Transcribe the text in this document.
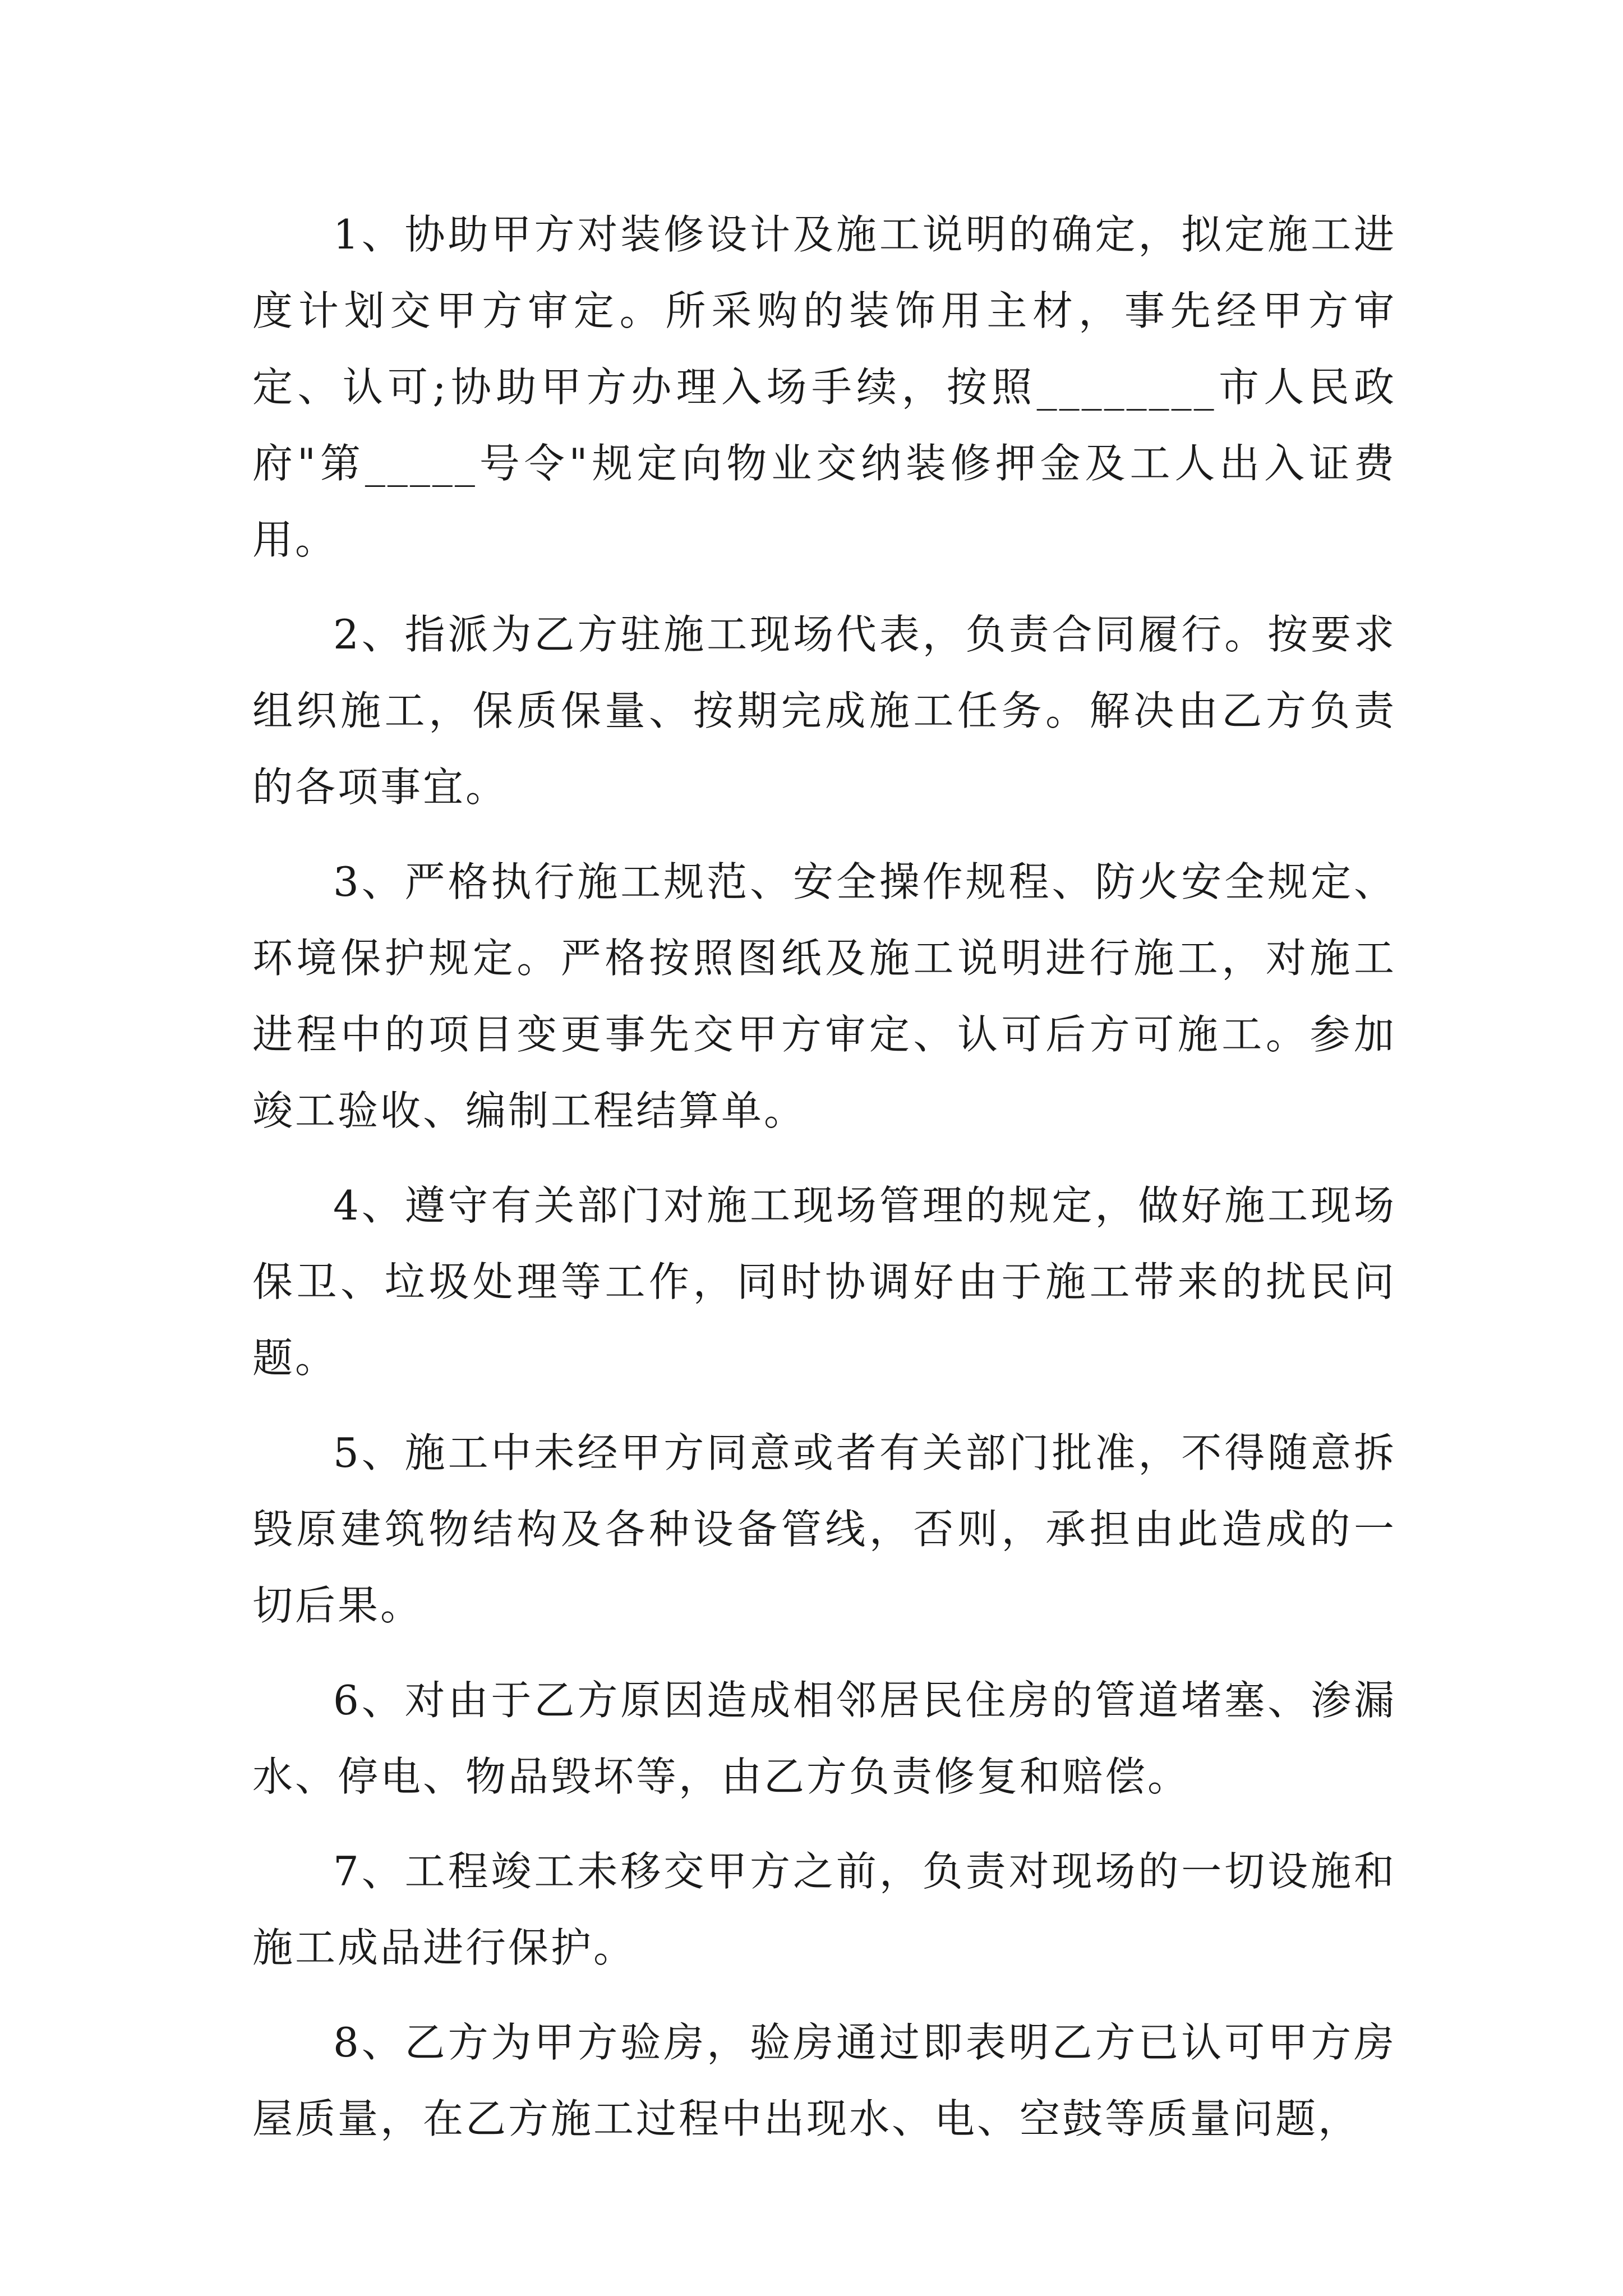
1、协助甲方对装修设计及施工说明的确定，拟定施工进度计划交甲方审定。所采购的装饰用主材，事先经甲方审定、认可;协助甲方办理入场手续，按照________市人民政府"第_____号令"规定向物业交纳装修押金及工人出入证费用。

2、指派为乙方驻施工现场代表，负责合同履行。按要求组织施工，保质保量、按期完成施工任务。解决由乙方负责的各项事宜。

3、严格执行施工规范、安全操作规程、防火安全规定、环境保护规定。严格按照图纸及施工说明进行施工，对施工进程中的项目变更事先交甲方审定、认可后方可施工。参加竣工验收、编制工程结算单。

4、遵守有关部门对施工现场管理的规定，做好施工现场保卫、垃圾处理等工作，同时协调好由于施工带来的扰民问题。

5、施工中未经甲方同意或者有关部门批准，不得随意拆毁原建筑物结构及各种设备管线，否则，承担由此造成的一切后果。

6、对由于乙方原因造成相邻居民住房的管道堵塞、渗漏水、停电、物品毁坏等，由乙方负责修复和赔偿。

7、工程竣工未移交甲方之前，负责对现场的一切设施和施工成品进行保护。

8、乙方为甲方验房，验房通过即表明乙方已认可甲方房屋质量，在乙方施工过程中出现水、电、空鼓等质量问题，
